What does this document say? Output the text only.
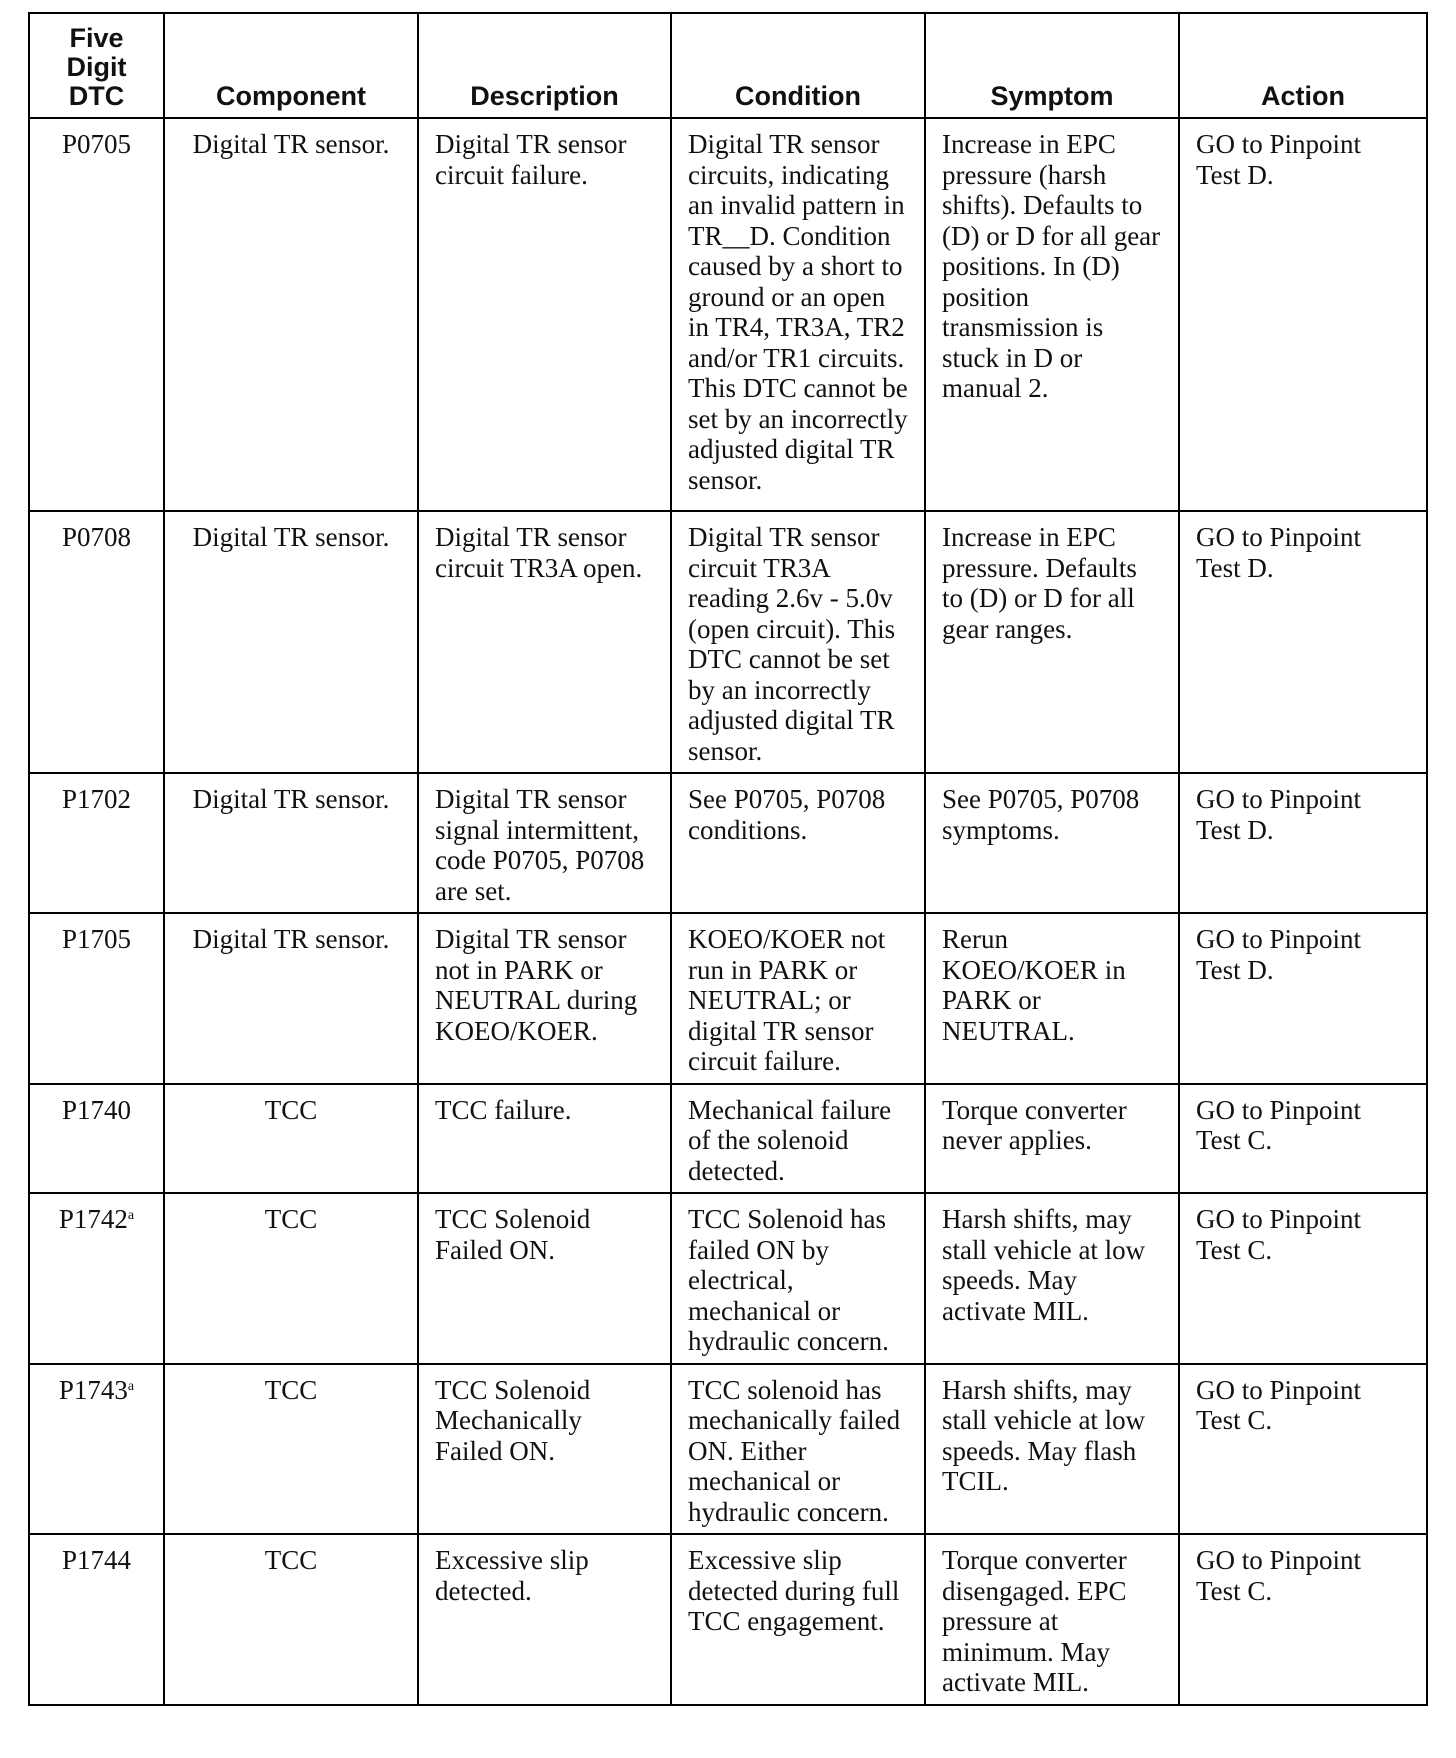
Five
Digit
DTC	Component	Description	Condition	Symptom	Action
P0705	Digital TR sensor.	Digital TR sensor circuit failure.	Digital TR sensor circuits, indicating an invalid pattern in TR__D. Condition caused by a short to ground or an open in TR4, TR3A, TR2 and/or TR1 circuits. This DTC cannot be set by an incorrectly adjusted digital TR sensor.	Increase in EPC pressure (harsh shifts). Defaults to (D) or D for all gear positions. In (D) position transmission is stuck in D or manual 2.	GO to Pinpoint Test D.
P0708	Digital TR sensor.	Digital TR sensor circuit TR3A open.	Digital TR sensor circuit TR3A reading 2.6v - 5.0v (open circuit). This DTC cannot be set by an incorrectly adjusted digital TR sensor.	Increase in EPC pressure. Defaults to (D) or D for all gear ranges.	GO to Pinpoint Test D.
P1702	Digital TR sensor.	Digital TR sensor signal intermittent, code P0705, P0708 are set.	See P0705, P0708 conditions.	See P0705, P0708 symptoms.	GO to Pinpoint Test D.
P1705	Digital TR sensor.	Digital TR sensor not in PARK or NEUTRAL during KOEO/KOER.	KOEO/KOER not run in PARK or NEUTRAL; or digital TR sensor circuit failure.	Rerun KOEO/KOER in PARK or NEUTRAL.	GO to Pinpoint Test D.
P1740	TCC	TCC failure.	Mechanical failure of the solenoid detected.	Torque converter never applies.	GO to Pinpoint Test C.
P1742$^a$	TCC	TCC Solenoid Failed ON.	TCC Solenoid has failed ON by electrical, mechanical or hydraulic concern.	Harsh shifts, may stall vehicle at low speeds. May activate MIL.	GO to Pinpoint Test C.
P1743$^a$	TCC	TCC Solenoid Mechanically Failed ON.	TCC solenoid has mechanically failed ON. Either mechanical or hydraulic concern.	Harsh shifts, may stall vehicle at low speeds. May flash TCIL.	GO to Pinpoint Test C.
P1744	TCC	Excessive slip detected.	Excessive slip detected during full TCC engagement.	Torque converter disengaged. EPC pressure at minimum. May activate MIL.	GO to Pinpoint Test C.
